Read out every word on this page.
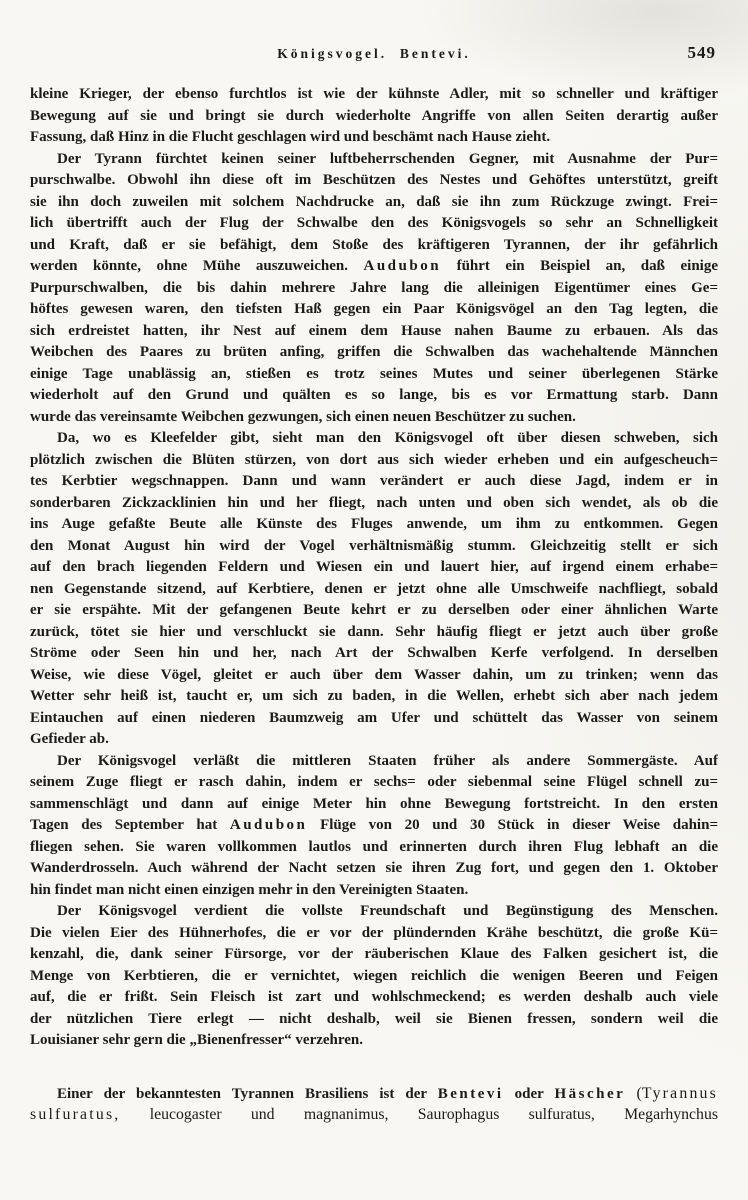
Königsvogel.  Bentevi.	549
kleine Krieger, der ebenso furchtlos ist wie der kühnste Adler, mit so schneller und kräftiger
Bewegung auf sie und bringt sie durch wiederholte Angriffe von allen Seiten derartig außer
Fassung, daß Hinz in die Flucht geschlagen wird und beschämt nach Hause zieht.
Der Tyrann fürchtet keinen seiner luftbeherrschenden Gegner, mit Ausnahme der Pur=
purschwalbe. Obwohl ihn diese oft im Beschützen des Nestes und Gehöftes unterstützt, greift
sie ihn doch zuweilen mit solchem Nachdrucke an, daß sie ihn zum Rückzuge zwingt. Frei=
lich übertrifft auch der Flug der Schwalbe den des Königsvogels so sehr an Schnelligkeit
und Kraft, daß er sie befähigt, dem Stoße des kräftigeren Tyrannen, der ihr gefährlich
werden könnte, ohne Mühe auszuweichen. Audubon führt ein Beispiel an, daß einige
Purpurschwalben, die bis dahin mehrere Jahre lang die alleinigen Eigentümer eines Ge=
höftes gewesen waren, den tiefsten Haß gegen ein Paar Königsvögel an den Tag legten, die
sich erdreistet hatten, ihr Nest auf einem dem Hause nahen Baume zu erbauen. Als das
Weibchen des Paares zu brüten anfing, griffen die Schwalben das wachehaltende Männchen
einige Tage unablässig an, stießen es trotz seines Mutes und seiner überlegenen Stärke
wiederholt auf den Grund und quälten es so lange, bis es vor Ermattung starb. Dann
wurde das vereinsamte Weibchen gezwungen, sich einen neuen Beschützer zu suchen.
Da, wo es Kleefelder gibt, sieht man den Königsvogel oft über diesen schweben, sich
plötzlich zwischen die Blüten stürzen, von dort aus sich wieder erheben und ein aufgescheuch=
tes Kerbtier wegschnappen. Dann und wann verändert er auch diese Jagd, indem er in
sonderbaren Zickzacklinien hin und her fliegt, nach unten und oben sich wendet, als ob die
ins Auge gefaßte Beute alle Künste des Fluges anwende, um ihm zu entkommen. Gegen
den Monat August hin wird der Vogel verhältnismäßig stumm. Gleichzeitig stellt er sich
auf den brach liegenden Feldern und Wiesen ein und lauert hier, auf irgend einem erhabe=
nen Gegenstande sitzend, auf Kerbtiere, denen er jetzt ohne alle Umschweife nachfliegt, sobald
er sie erspähte. Mit der gefangenen Beute kehrt er zu derselben oder einer ähnlichen Warte
zurück, tötet sie hier und verschluckt sie dann. Sehr häufig fliegt er jetzt auch über große
Ströme oder Seen hin und her, nach Art der Schwalben Kerfe verfolgend. In derselben
Weise, wie diese Vögel, gleitet er auch über dem Wasser dahin, um zu trinken; wenn das
Wetter sehr heiß ist, taucht er, um sich zu baden, in die Wellen, erhebt sich aber nach jedem
Eintauchen auf einen niederen Baumzweig am Ufer und schüttelt das Wasser von seinem
Gefieder ab.
Der Königsvogel verläßt die mittleren Staaten früher als andere Sommergäste. Auf
seinem Zuge fliegt er rasch dahin, indem er sechs= oder siebenmal seine Flügel schnell zu=
sammenschlägt und dann auf einige Meter hin ohne Bewegung fortstreicht. In den ersten
Tagen des September hat Audubon Flüge von 20 und 30 Stück in dieser Weise dahin=
fliegen sehen. Sie waren vollkommen lautlos und erinnerten durch ihren Flug lebhaft an die
Wanderdrosseln. Auch während der Nacht setzen sie ihren Zug fort, und gegen den 1. Oktober
hin findet man nicht einen einzigen mehr in den Vereinigten Staaten.
Der Königsvogel verdient die vollste Freundschaft und Begünstigung des Menschen.
Die vielen Eier des Hühnerhofes, die er vor der plündernden Krähe beschützt, die große Kü=
kenzahl, die, dank seiner Fürsorge, vor der räuberischen Klaue des Falken gesichert ist, die
Menge von Kerbtieren, die er vernichtet, wiegen reichlich die wenigen Beeren und Feigen
auf, die er frißt. Sein Fleisch ist zart und wohlschmeckend; es werden deshalb auch viele
der nützlichen Tiere erlegt — nicht deshalb, weil sie Bienen fressen, sondern weil die
Louisianer sehr gern die „Bienenfresser“ verzehren.
Einer der bekanntesten Tyrannen Brasiliens ist der Bentevi oder Häscher (Tyrannus
sulfuratus, leucogaster und magnanimus, Saurophagus sulfuratus, Megarhynchus
